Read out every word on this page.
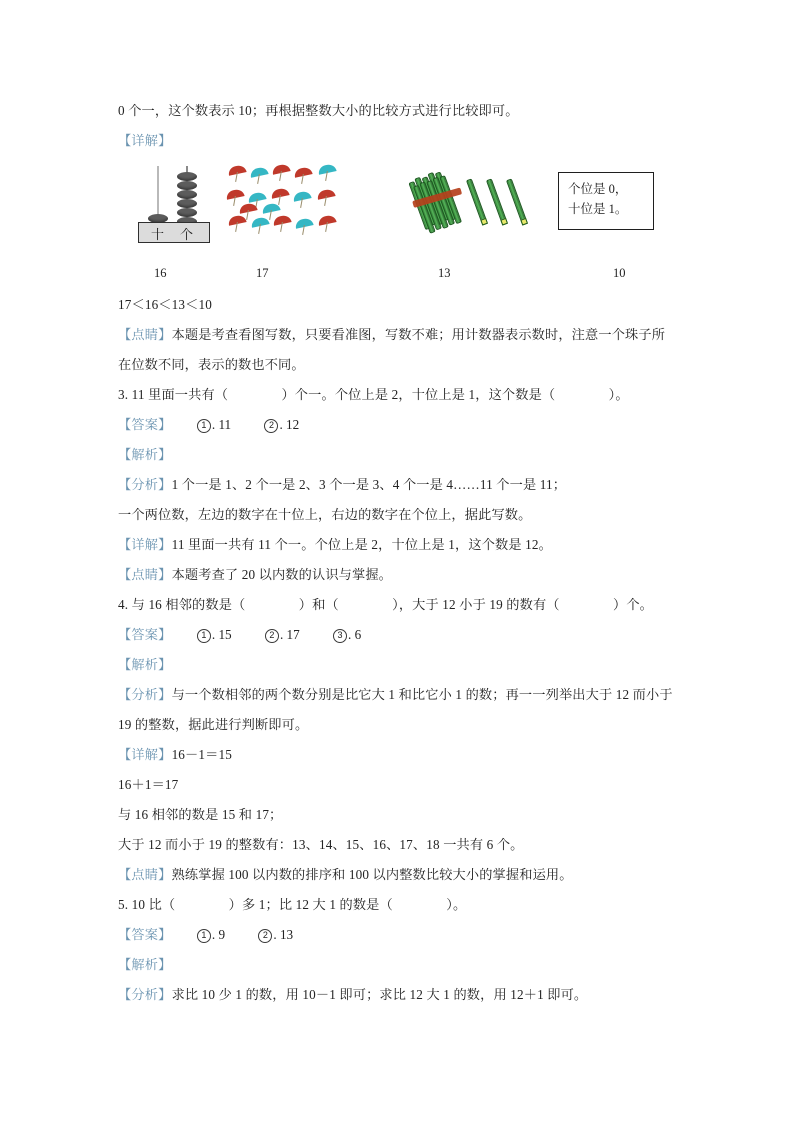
0 个一，这个数表示 10；再根据整数大小的比较方式进行比较即可。
【详解】
十 个
个位是 0，
十位是 1。
16	17	13	10
17＜16＜13＜10
【点睛】本题是考查看图写数，只要看准图，写数不难；用计数器表示数时，注意一个珠子所在位数不同，表示的数也不同。
3. 11 里面一共有（　　　　）个一。个位上是 2，十位上是 1，这个数是（　　　　）。
【答案】	1 . 11	2 . 12
【解析】
【分析】1 个一是 1、2 个一是 2、3 个一是 3、4 个一是 4……11 个一是 11；
一个两位数，左边的数字在十位上，右边的数字在个位上，据此写数。
【详解】11 里面一共有 11 个一。个位上是 2，十位上是 1，这个数是 12。
【点睛】本题考查了 20 以内数的认识与掌握。
4. 与 16 相邻的数是（　　　　）和（　　　　），大于 12 小于 19 的数有（　　　　）个。
【答案】	1 . 15	2 . 17	3 . 6
【解析】
【分析】与一个数相邻的两个数分别是比它大 1 和比它小 1 的数；再一一列举出大于 12 而小于 19 的整数，据此进行判断即可。
【详解】16－1＝15
16＋1＝17
与 16 相邻的数是 15 和 17；
大于 12 而小于 19 的整数有：13、14、15、16、17、18 一共有 6 个。
【点睛】熟练掌握 100 以内数的排序和 100 以内整数比较大小的掌握和运用。
5. 10 比（　　　　）多 1；比 12 大 1 的数是（　　　　）。
【答案】	1 . 9	2 . 13
【解析】
【分析】求比 10 少 1 的数，用 10－1 即可；求比 12 大 1 的数，用 12＋1 即可。
